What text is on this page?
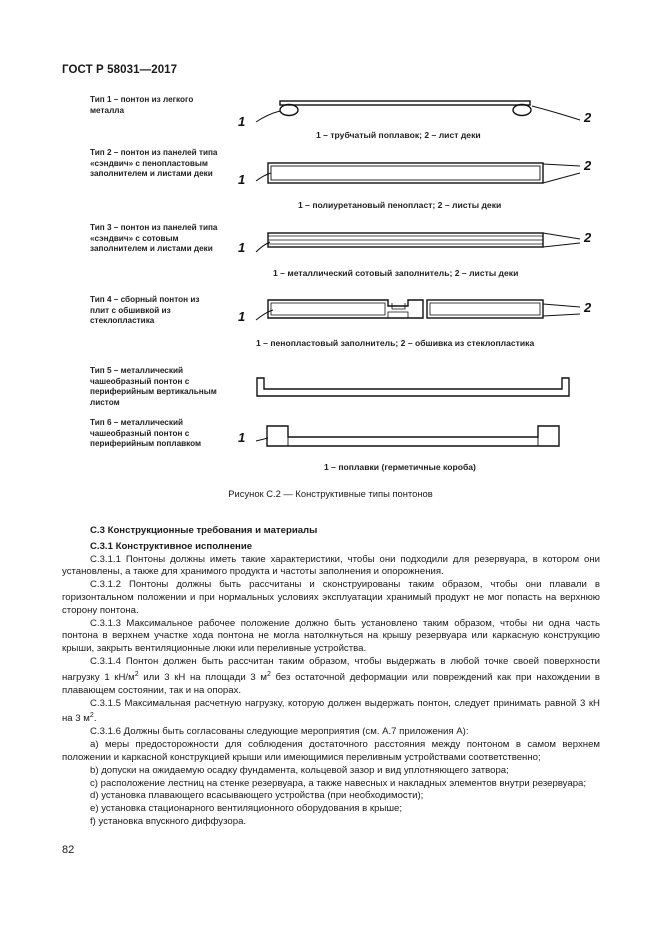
ГОСТ Р 58031—2017
Тип 1 – понтон из легкого металла
Тип 2 – понтон из панелей типа «сэндвич» с пенопластовым заполнителем и листами деки
Тип 3 – понтон из панелей типа «сэндвич» с сотовым заполнителем и листами деки
Тип 4 – сборный понтон из плит с обшивкой из стеклопластика
Тип 5 – металлический чашеобразный понтон с периферийным вертикальным листом
Тип 6 – металлический чашеобразный понтон с периферийным поплавком
1	2
1
2
1
2
1
2
1
1 – трубчатый поплавок; 2 – лист деки
1 – полиуретановый пенопласт; 2 – листы деки
1 – металлический сотовый заполнитель; 2 – листы деки
1 – пенопластовый заполнитель; 2 – обшивка из стеклопластика
1 – поплавки (герметичные короба)
Рисунок С.2 — Конструктивные типы понтонов

С.3 Конструкционные требования и материалы

С.3.1 Конструктивное исполнение

С.3.1.1 Понтоны должны иметь такие характеристики, чтобы они подходили для резервуара, в котором они установлены, а также для хранимого продукта и частоты заполнения и опорожнения.

С.3.1.2 Понтоны должны быть рассчитаны и сконструированы таким образом, чтобы они плавали в горизонтальном положении и при нормальных условиях эксплуатации хранимый продукт не мог попасть на верхнюю сторону понтона.

С.3.1.3 Максимальное рабочее положение должно быть установлено таким образом, чтобы ни одна часть понтона в верхнем участке хода понтона не могла натолкнуться на крышу резервуара или каркасную конструкцию крыши, закрыть вентиляционные люки или переливные устройства.

С.3.1.4 Понтон должен быть рассчитан таким образом, чтобы выдержать в любой точке своей поверхности нагрузку 1 $кН/м^2$ или 3 кН на площади 3 $м^2$ без остаточной деформации или повреждений как при нахождении в плавающем состоянии, так и на опорах.

С.3.1.5 Максимальная расчетную нагрузку, которую должен выдержать понтон, следует принимать равной 3 кН на 3 $м^2$.

С.3.1.6 Должны быть согласованы следующие мероприятия (см. А.7 приложения А):

а) меры предосторожности для соблюдения достаточного расстояния между понтоном в самом верхнем положении и каркасной конструкцией крыши или имеющимися переливным устройствами соответственно;

b) допуски на ожидаемую осадку фундамента, кольцевой зазор и вид уплотняющего затвора;

c) расположение лестниц на стенке резервуара, а также навесных и накладных элементов внутри резервуара;

d) установка плавающего всасывающего устройства (при необходимости);

e) установка стационарного вентиляционного оборудования в крыше;

f) установка впускного диффузора.

82
